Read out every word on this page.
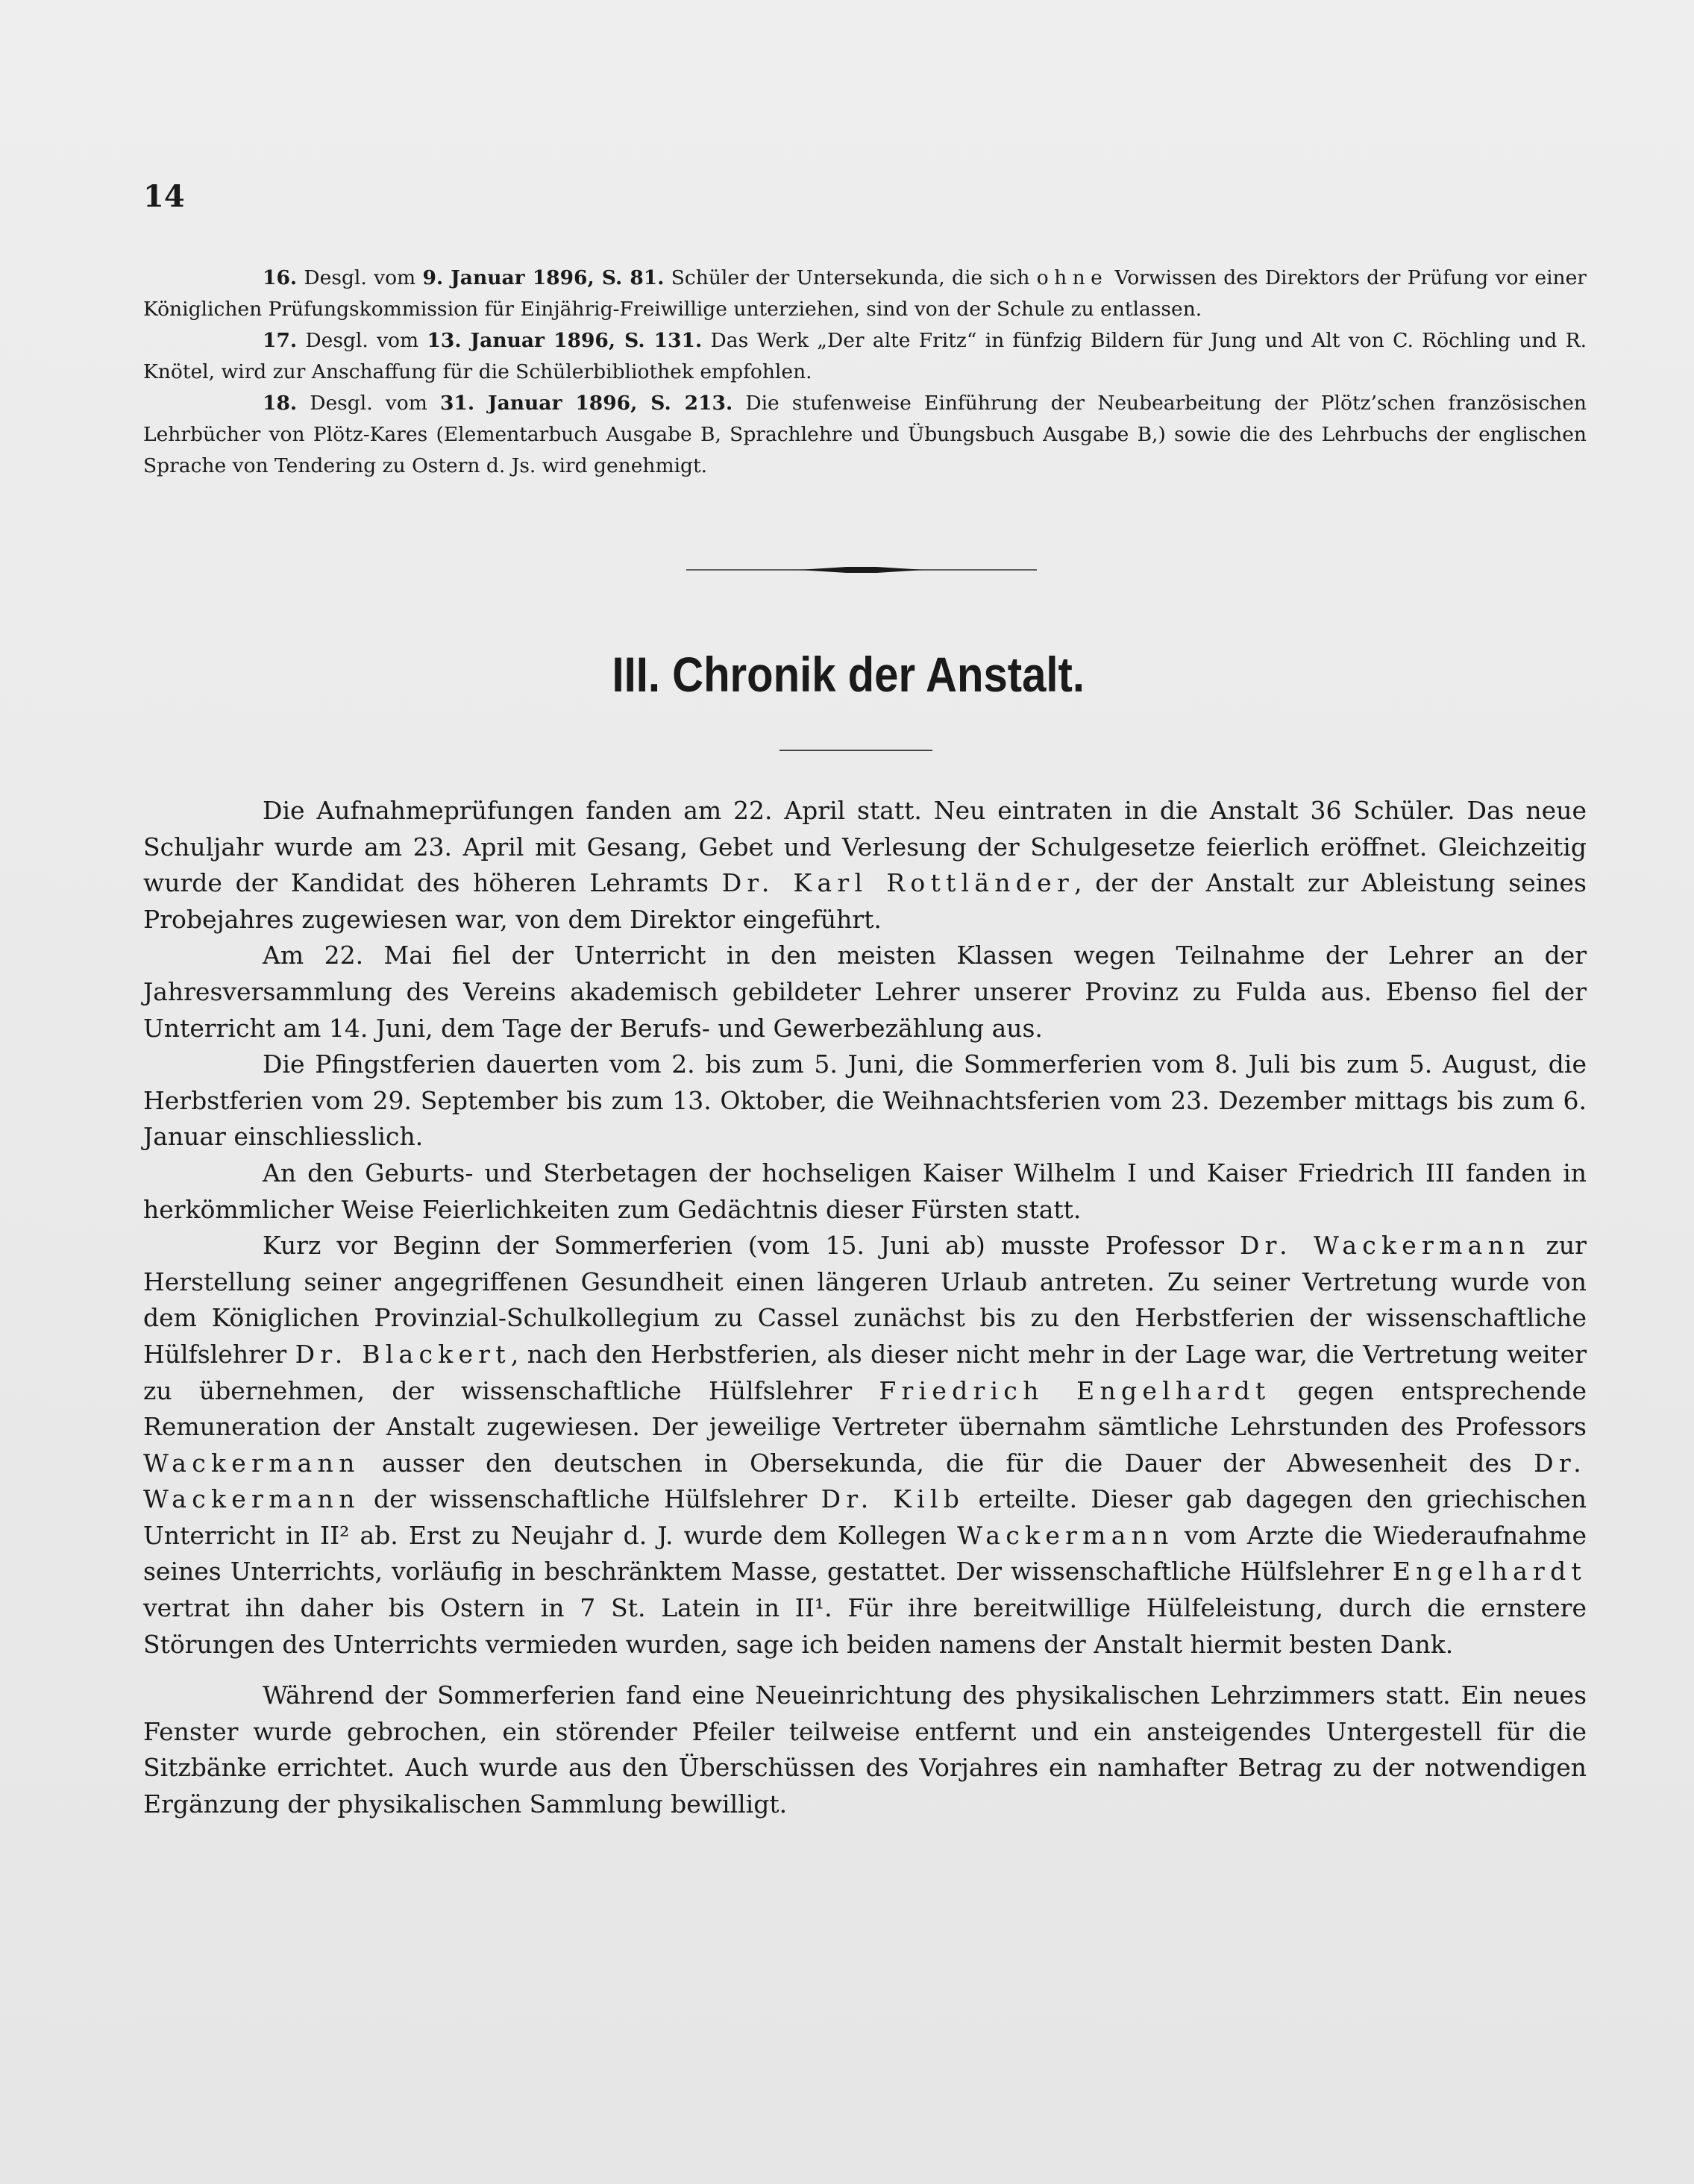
14

16. Desgl. vom 9. Januar 1896, S. 81. Schüler der Untersekunda, die sich ohne Vorwissen des Direktors der Prüfung vor einer Königlichen Prüfungskommission für Einjährig-Freiwillige unterziehen, sind von der Schule zu entlassen.

17. Desgl. vom 13. Januar 1896, S. 131. Das Werk „Der alte Fritz“ in fünfzig Bildern für Jung und Alt von C. Röchling und R. Knötel, wird zur Anschaffung für die Schülerbibliothek empfohlen.

18. Desgl. vom 31. Januar 1896, S. 213. Die stufenweise Einführung der Neubearbeitung der Plötz’schen französischen Lehrbücher von Plötz-Kares (Elementarbuch Ausgabe B, Sprachlehre und Übungsbuch Ausgabe B,) sowie die des Lehrbuchs der englischen Sprache von Tendering zu Ostern d. Js. wird genehmigt.

III. Chronik der Anstalt.

Die Aufnahmeprüfungen fanden am 22. April statt. Neu eintraten in die Anstalt 36 Schüler. Das neue Schuljahr wurde am 23. April mit Gesang, Gebet und Verlesung der Schulgesetze feierlich eröffnet. Gleichzeitig wurde der Kandidat des höheren Lehramts Dr. Karl Rottländer, der der Anstalt zur Ableistung seines Probejahres zugewiesen war, von dem Direktor eingeführt.

Am 22. Mai fiel der Unterricht in den meisten Klassen wegen Teilnahme der Lehrer an der Jahresversammlung des Vereins akademisch gebildeter Lehrer unserer Provinz zu Fulda aus. Ebenso fiel der Unterricht am 14. Juni, dem Tage der Berufs- und Gewerbezählung aus.

Die Pfingstferien dauerten vom 2. bis zum 5. Juni, die Sommerferien vom 8. Juli bis zum 5. August, die Herbstferien vom 29. September bis zum 13. Oktober, die Weihnachtsferien vom 23. Dezember mittags bis zum 6. Januar einschliesslich.

An den Geburts- und Sterbetagen der hochseligen Kaiser Wilhelm I und Kaiser Friedrich III fanden in herkömmlicher Weise Feierlichkeiten zum Gedächtnis dieser Fürsten statt.

Kurz vor Beginn der Sommerferien (vom 15. Juni ab) musste Professor Dr. Wackermann zur Herstellung seiner angegriffenen Gesundheit einen längeren Urlaub antreten. Zu seiner Vertretung wurde von dem Königlichen Provinzial-Schulkollegium zu Cassel zunächst bis zu den Herbstferien der wissenschaftliche Hülfslehrer Dr. Blackert, nach den Herbstferien, als dieser nicht mehr in der Lage war, die Vertretung weiter zu übernehmen, der wissenschaftliche Hülfslehrer Friedrich Engelhardt gegen entsprechende Remuneration der Anstalt zugewiesen. Der jeweilige Vertreter übernahm sämtliche Lehrstunden des Professors Wackermann ausser den deutschen in Obersekunda, die für die Dauer der Abwesenheit des Dr. Wackermann der wissenschaftliche Hülfslehrer Dr. Kilb erteilte. Dieser gab dagegen den griechischen Unterricht in II² ab. Erst zu Neujahr d. J. wurde dem Kollegen Wackermann vom Arzte die Wiederaufnahme seines Unterrichts, vorläufig in beschränktem Masse, gestattet. Der wissenschaftliche Hülfslehrer Engelhardt vertrat ihn daher bis Ostern in 7 St. Latein in II¹. Für ihre bereitwillige Hülfeleistung, durch die ernstere Störungen des Unterrichts vermieden wurden, sage ich beiden namens der Anstalt hiermit besten Dank.

Während der Sommerferien fand eine Neueinrichtung des physikalischen Lehrzimmers statt. Ein neues Fenster wurde gebrochen, ein störender Pfeiler teilweise entfernt und ein ansteigendes Untergestell für die Sitzbänke errichtet. Auch wurde aus den Überschüssen des Vorjahres ein namhafter Betrag zu der notwendigen Ergänzung der physikalischen Sammlung bewilligt.
